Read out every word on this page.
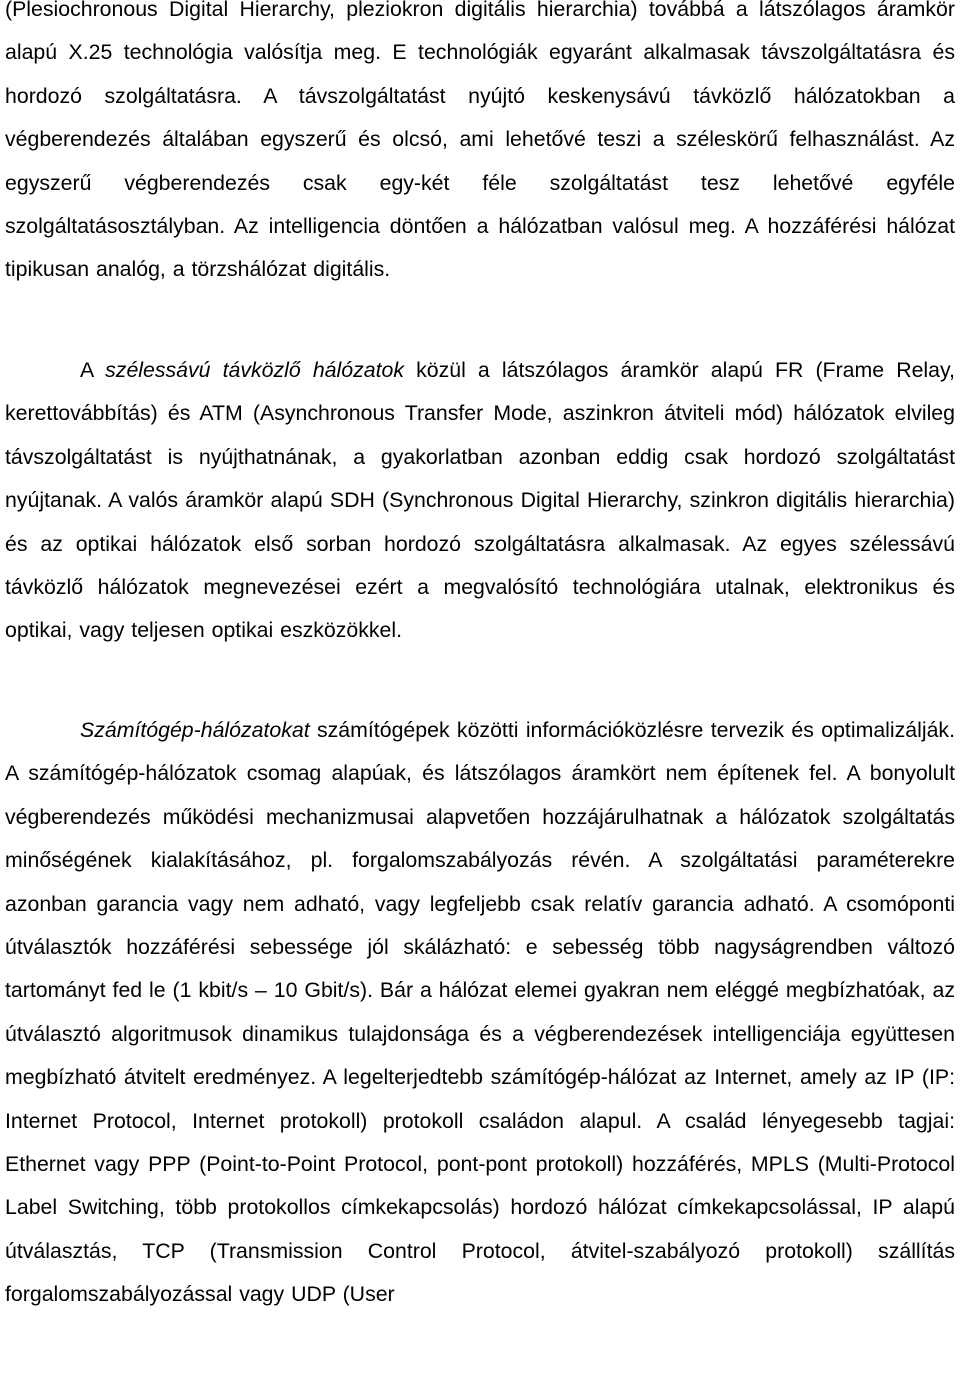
(Plesiochronous Digital Hierarchy, pleziokron digitális hierarchia) továbbá a látszólagos áramkör alapú X.25 technológia valósítja meg. E technológiák egyaránt alkalmasak távszolgáltatásra és hordozó szolgáltatásra. A távszolgáltatást nyújtó keskenysávú távközlő hálózatokban a végberendezés általában egyszerű és olcsó, ami lehetővé teszi a széleskörű felhasználást. Az egyszerű végberendezés csak egy-két féle szolgáltatást tesz lehetővé egyféle szolgáltatásosztályban. Az intelligencia döntően a hálózatban valósul meg. A hozzáférési hálózat tipikusan analóg, a törzshálózat digitális.

A szélessávú távközlő hálózatok közül a látszólagos áramkör alapú FR (Frame Relay, kerettovábbítás) és ATM (Asynchronous Transfer Mode, aszinkron átviteli mód) hálózatok elvileg távszolgáltatást is nyújthatnának, a gyakorlatban azonban eddig csak hordozó szolgáltatást nyújtanak. A valós áramkör alapú SDH (Synchronous Digital Hierarchy, szinkron digitális hierarchia) és az optikai hálózatok első sorban hordozó szolgáltatásra alkalmasak. Az egyes szélessávú távközlő hálózatok megnevezései ezért a megvalósító technológiára utalnak, elektronikus és optikai, vagy teljesen optikai eszközökkel.

Számítógép-hálózatokat számítógépek közötti információközlésre tervezik és optimalizálják. A számítógép-hálózatok csomag alapúak, és látszólagos áramkört nem építenek fel. A bonyolult végberendezés működési mechanizmusai alapvetően hozzájárulhatnak a hálózatok szolgáltatás minőségének kialakításához, pl. forgalomszabályozás révén. A szolgáltatási paraméterekre azonban garancia vagy nem adható, vagy legfeljebb csak relatív garancia adható. A csomóponti útválasztók hozzáférési sebessége jól skálázható: e sebesség több nagyságrendben változó tartományt fed le (1 kbit/s – 10 Gbit/s). Bár a hálózat elemei gyakran nem eléggé megbízhatóak, az útválasztó algoritmusok dinamikus tulajdonsága és a végberendezések intelligenciája együttesen megbízható átvitelt eredményez. A legelterjedtebb számítógép-hálózat az Internet, amely az IP (IP: Internet Protocol, Internet protokoll) protokoll családon alapul. A család lényegesebb tagjai: Ethernet vagy PPP (Point-to-Point Protocol, pont-pont protokoll) hozzáférés, MPLS (Multi-Protocol Label Switching, több protokollos címkekapcsolás) hordozó hálózat címkekapcsolással, IP alapú útválasztás, TCP (Transmission Control Protocol, átvitel-szabályozó protokoll) szállítás forgalomszabályozással vagy UDP (User
